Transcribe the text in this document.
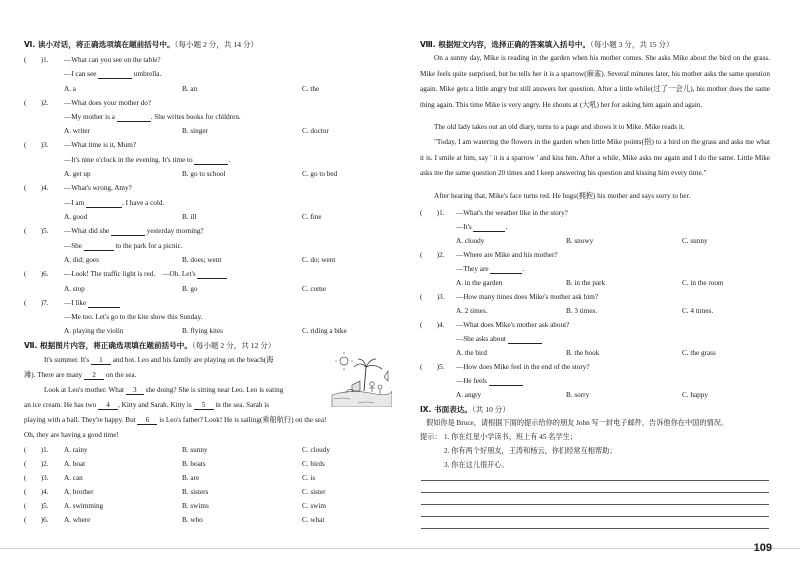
Ⅵ. 读小对话，将正确选项填在题前括号中。（每小题 2 分，共 14 分）
(　　)1. —What can you see on the table?
—I can see	umbrella.
A. a	B. an	C. the
(　　)2. —What does your mother do?
—My mother is a	. She writes books for children.
A. writer	B. singer	C. doctor
(　　)3. —What time is it, Mum?
—It's nine o'clock in the evening. It's time to	.
A. get up	B. go to school	C. go to bed
(　　)4. —What's wrong, Amy?
—I am	. I have a cold.
A. good	B. ill	C. fine
(　　)5. —What did she	yesterday morning?
—She	to the park for a picnic.
A. did; goes	B. does; went	C. do; went
(　　)6. —Look! The traffic light is red.　—Oh. Let's
A. stop	B. go	C. come
(　　)7. —I like
—Me too. Let's go to the kite show this Sunday.
A. playing the violin	B. flying kites	C. riding a bike
Ⅶ. 根据图片内容，将正确选项填在题前括号中。（每小题 2 分，共 12 分）
It's summer. It's 1 and hot. Leo and his family are playing on the beach(海
滩). There are many 2 on the sea.
Look at Leo's mother. What 3 she doing? She is sitting near Leo. Leo is eating
an ice cream. He has two 4 , Kitty and Sarah. Kitty is 5 in the sea. Sarah is
playing with a ball. They're happy. But 6 is Leo's father? Look! He is sailing(乘船航行) on the sea!
Oh, they are having a good time!
(　　)1. A. rainy	B. sunny	C. cloudy
(　　)2. A. boat	B. boats	C. birds
(　　)3. A. can	B. are	C. is
(　　)4. A. brother	B. sisters	C. sister
(　　)5. A. swimming	B. swims	C. swim
(　　)6. A. where	B. who	C. what
Ⅷ. 根据短文内容，选择正确的答案填入括号中。（每小题 3 分，共 15 分）
On a sunny day, Mike is reading in the garden when his mother comes. She asks Mike about the bird on the grass. Mike feels quite surprised, but he tells her it is a sparrow(麻雀). Several minutes later, his mother asks the same question again. Mike gets a little angry but still answers her question. After a little while(过了一会儿), his mother does the same thing again. This time Mike is very angry. He shouts at (大吼) her for asking him again and again.
The old lady takes out an old diary, turns to a page and shows it to Mike. Mike reads it.
"Today, I am watering the flowers in the garden when little Mike points(指) to a bird on the grass and asks me what it is. I smile at him, say ' it is a sparrow ' and kiss him. After a while, Mike asks me again and I do the same. Little Mike asks me the same question 20 times and I keep answering his question and kissing him every time."
After hearing that, Mike's face turns red. He hugs(拥抱) his mother and says sorry to her.
(　　)1. —What's the weather like in the story?
—It's	.
A. cloudy	B. snowy	C. sunny
(　　)2. —Where are Mike and his mother?
—They are	.
A. in the garden	B. in the park	C. in the room
(　　)3. —How many times does Mike's mother ask him?
A. 2 times.	B. 3 times.	C. 4 times.
(　　)4. —What does Mike's mother ask about?
—She asks about
A. the bird	B. the book	C. the grass
(　　)5. —How does Mike feel in the end of the story?
—He feels
A. angry	B. sorry	C. happy
Ⅸ. 书面表达。（共 10 分）
假如你是 Bruce，请根据下面的提示给你的朋友 John 写一封电子邮件，告诉他你在中国的情况。
提示： 1. 你在红星小学读书，班上有 45 名学生；
2. 你有两个好朋友，王涛和杨云，你们经常互相帮助；
3. 你在这儿很开心。
109
